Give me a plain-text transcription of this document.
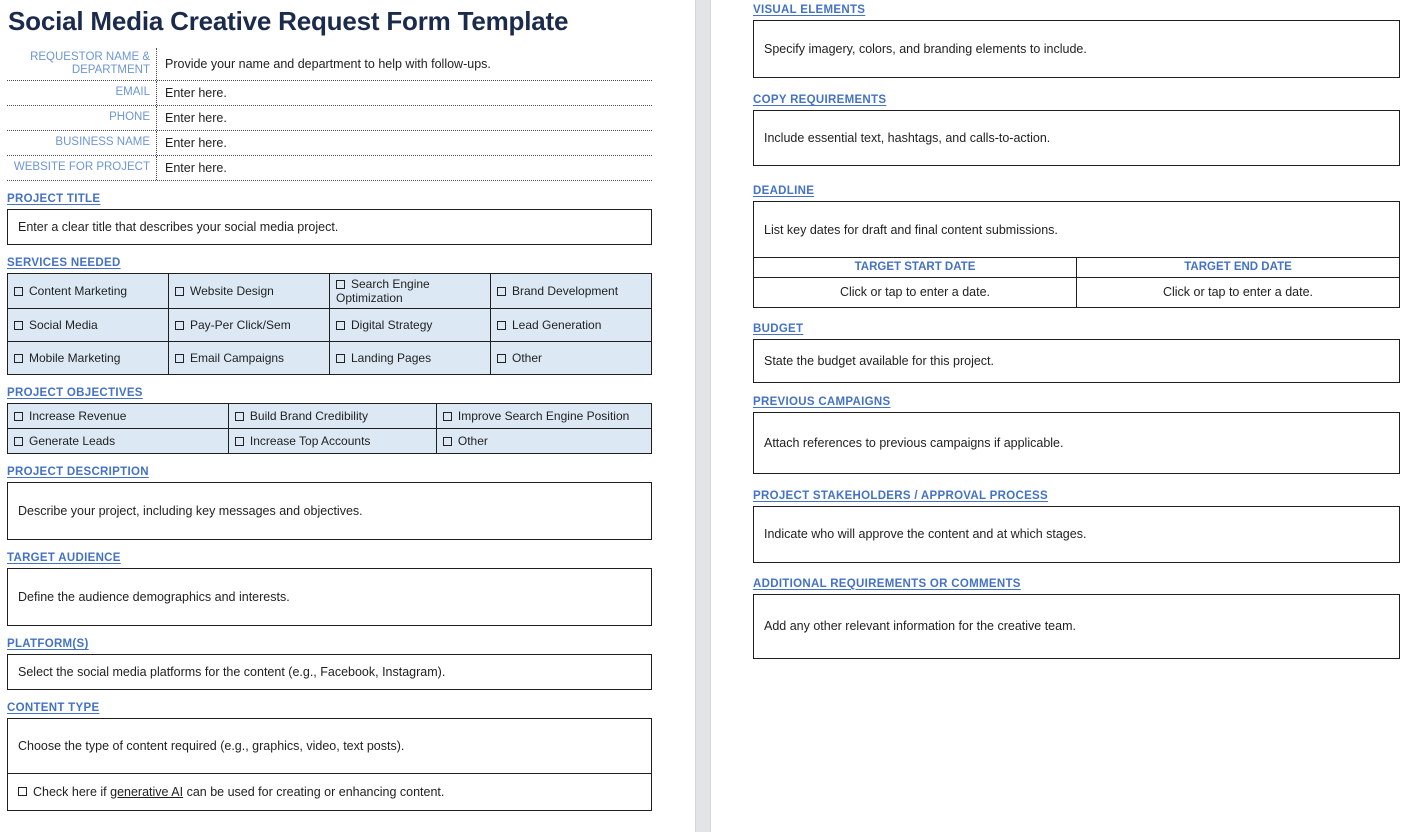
Social Media Creative Request Form Template
REQUESTOR NAME & DEPARTMENT	Provide your name and department to help with follow-ups.
EMAIL	Enter here.
PHONE	Enter here.
BUSINESS NAME	Enter here.
WEBSITE FOR PROJECT	Enter here.
PROJECT TITLE
Enter a clear title that describes your social media project.
SERVICES NEEDED
Content Marketing	Website Design	Search Engine Optimization	Brand Development
Social Media	Pay-Per Click/Sem	Digital Strategy	Lead Generation
Mobile Marketing	Email Campaigns	Landing Pages	Other
PROJECT OBJECTIVES
Increase Revenue	Build Brand Credibility	Improve Search Engine Position
Generate Leads	Increase Top Accounts	Other
PROJECT DESCRIPTION
Describe your project, including key messages and objectives.
TARGET AUDIENCE
Define the audience demographics and interests.
PLATFORM(S)
Select the social media platforms for the content (e.g., Facebook, Instagram).
CONTENT TYPE
Choose the type of content required (e.g., graphics, video, text posts).
Check here if generative AI can be used for creating or enhancing content.
VISUAL ELEMENTS
Specify imagery, colors, and branding elements to include.
COPY REQUIREMENTS
Include essential text, hashtags, and calls-to-action.
DEADLINE
List key dates for draft and final content submissions.
TARGET START DATE	TARGET END DATE
Click or tap to enter a date.	Click or tap to enter a date.
BUDGET
State the budget available for this project.
PREVIOUS CAMPAIGNS
Attach references to previous campaigns if applicable.
PROJECT STAKEHOLDERS / APPROVAL PROCESS
Indicate who will approve the content and at which stages.
ADDITIONAL REQUIREMENTS OR COMMENTS
Add any other relevant information for the creative team.
